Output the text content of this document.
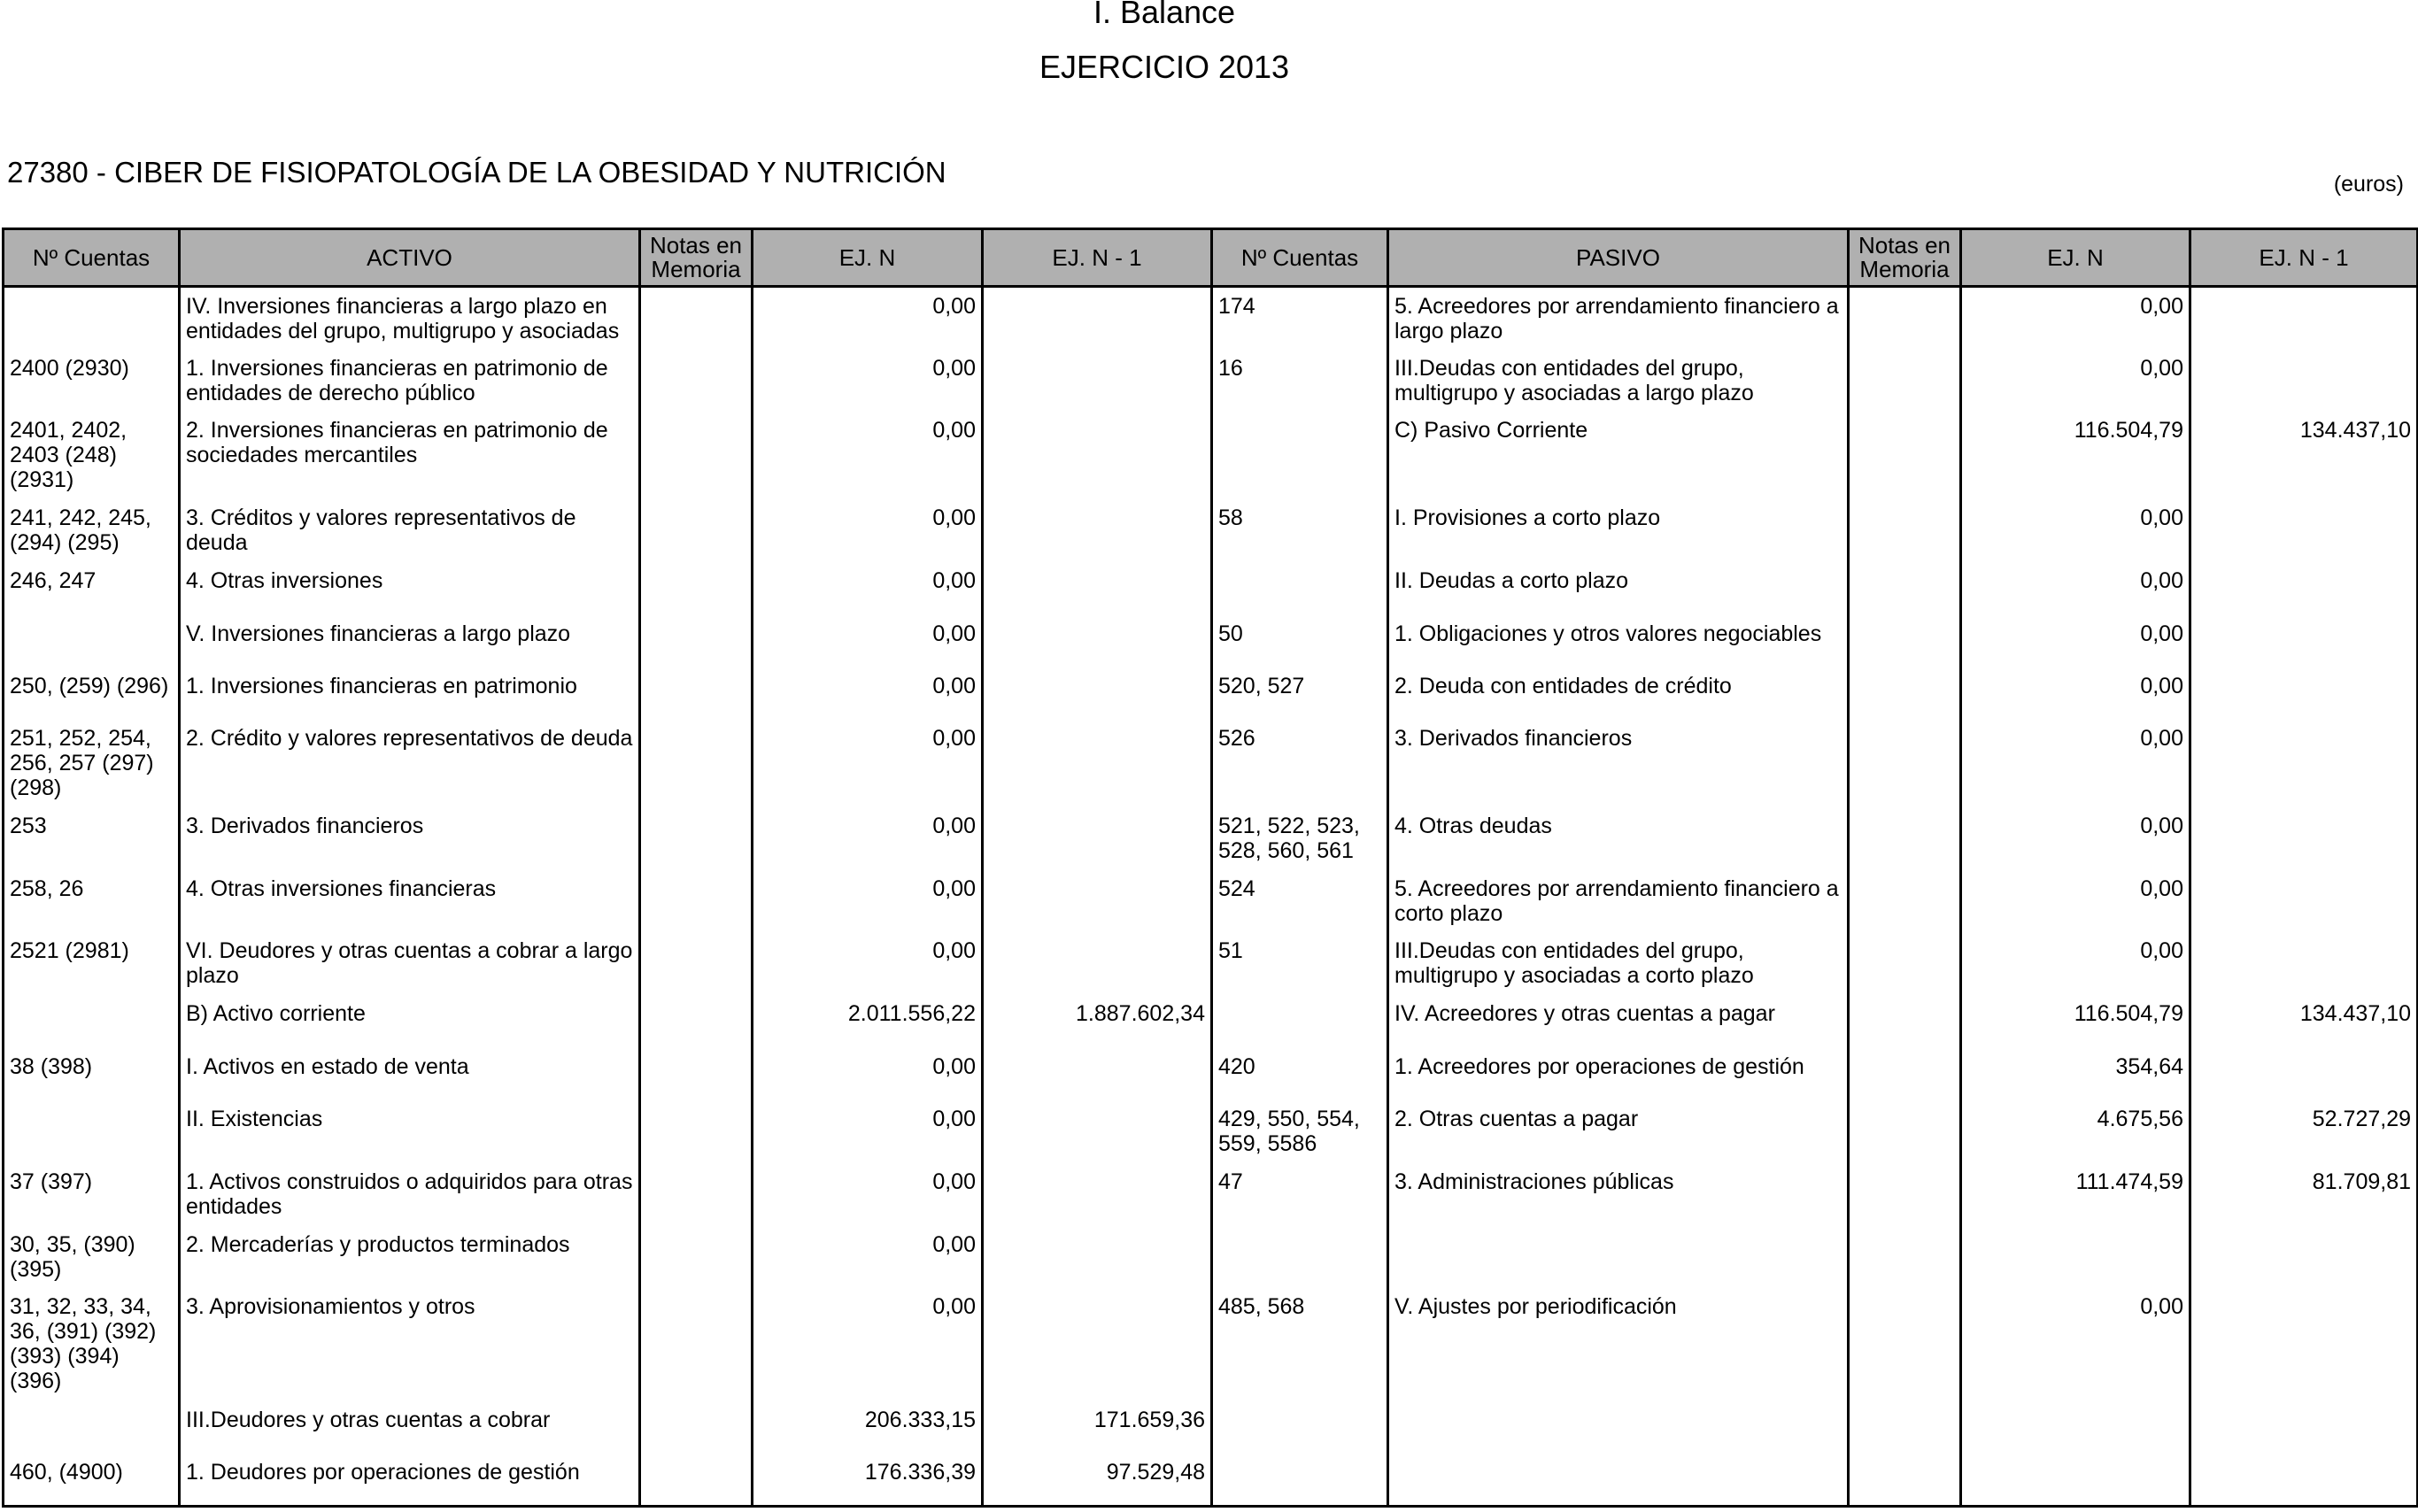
I. Balance
EJERCICIO 2013
27380 - CIBER DE FISIOPATOLOGÍA DE LA OBESIDAD Y NUTRICIÓN	(euros)
Nº Cuentas	ACTIVO	Notas en Memoria	EJ. N	EJ. N - 1	Nº Cuentas	PASIVO	Notas en Memoria	EJ. N	EJ. N - 1
	IV. Inversiones financieras a largo plazo en entidades del grupo, multigrupo y asociadas		0,00		174	5. Acreedores por arrendamiento financiero a largo plazo		0,00	
2400 (2930)	1. Inversiones financieras en patrimonio de entidades de derecho público		0,00		16	III.Deudas con entidades del grupo, multigrupo y asociadas a largo plazo		0,00	
2401, 2402, 2403 (248) (2931)	2. Inversiones financieras en patrimonio de sociedades mercantiles		0,00			C) Pasivo Corriente		116.504,79	134.437,10
241, 242, 245, (294) (295)	3. Créditos y valores representativos de deuda		0,00		58	I. Provisiones a corto plazo		0,00	
246, 247	4. Otras inversiones		0,00			II. Deudas a corto plazo		0,00	
	V. Inversiones financieras a largo plazo		0,00		50	1. Obligaciones y otros valores negociables		0,00	
250, (259) (296)	1. Inversiones financieras en patrimonio		0,00		520, 527	2. Deuda con entidades de crédito		0,00	
251, 252, 254, 256, 257 (297) (298)	2. Crédito y valores representativos de deuda		0,00		526	3. Derivados financieros		0,00	
253	3. Derivados financieros		0,00		521, 522, 523, 528, 560, 561	4. Otras deudas		0,00	
258, 26	4. Otras inversiones financieras		0,00		524	5. Acreedores por arrendamiento financiero a corto plazo		0,00	
2521 (2981)	VI. Deudores y otras cuentas a cobrar a largo plazo		0,00		51	III.Deudas con entidades del grupo, multigrupo y asociadas a corto plazo		0,00	
	B) Activo corriente		2.011.556,22	1.887.602,34		IV. Acreedores y otras cuentas a pagar		116.504,79	134.437,10
38 (398)	I. Activos en estado de venta		0,00		420	1. Acreedores por operaciones de gestión		354,64	
	II. Existencias		0,00		429, 550, 554, 559, 5586	2. Otras cuentas a pagar		4.675,56	52.727,29
37 (397)	1. Activos construidos o adquiridos para otras entidades		0,00		47	3. Administraciones públicas		111.474,59	81.709,81
30, 35, (390) (395)	2. Mercaderías y productos terminados		0,00						
31, 32, 33, 34, 36, (391) (392) (393) (394) (396)	3. Aprovisionamientos y otros		0,00		485, 568	V. Ajustes por periodificación		0,00	
	III.Deudores y otras cuentas a cobrar		206.333,15	171.659,36					
460, (4900)	1. Deudores por operaciones de gestión		176.336,39	97.529,48					
